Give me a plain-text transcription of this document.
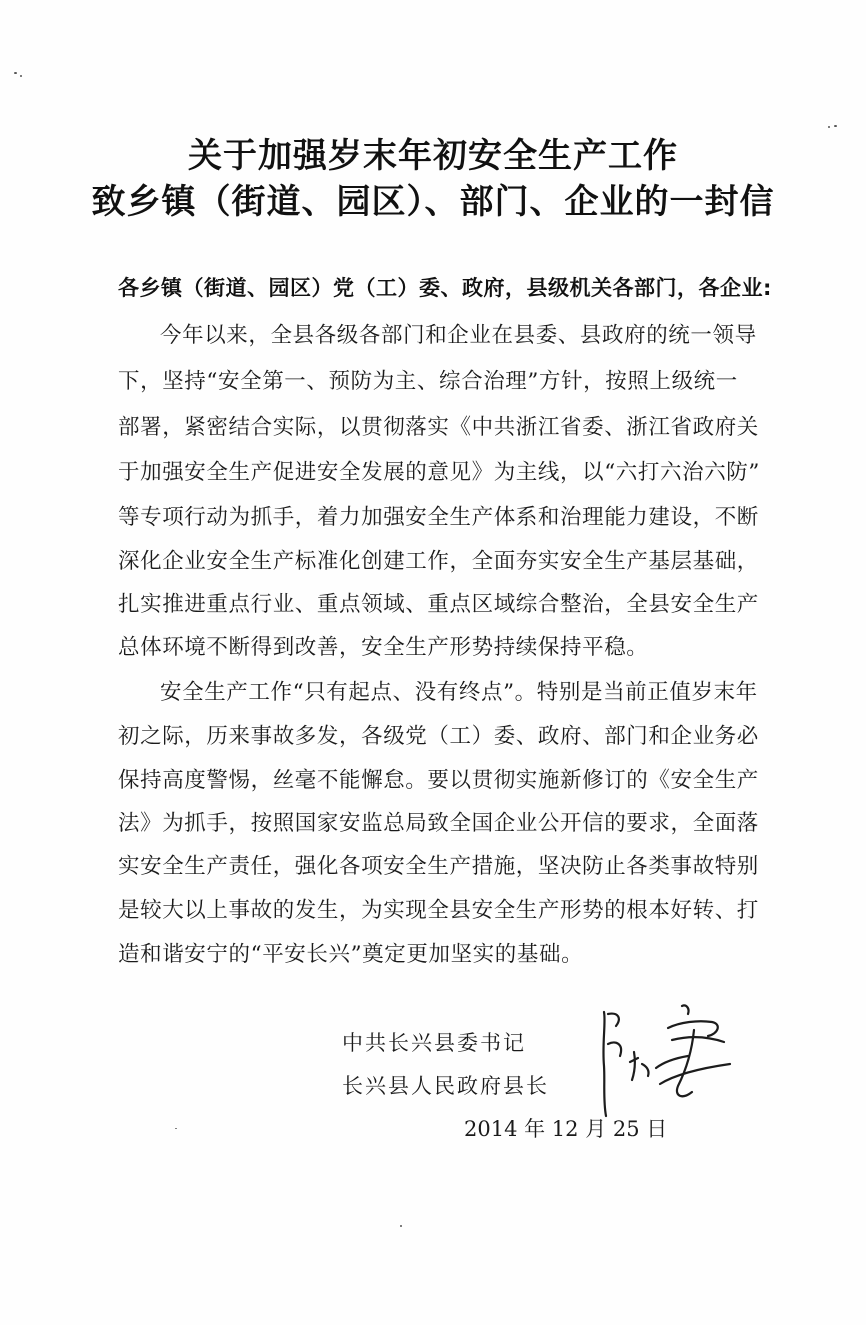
关于加强岁末年初安全生产工作
致乡镇（街道、园区）、部门、企业的一封信
各乡镇（街道、园区）党（工）委、政府，县级机关各部门，各企业:
今年以来，全县各级各部门和企业在县委、县政府的统一领导
下，坚持“安全第一、预防为主、综合治理”方针，按照上级统一
部署，紧密结合实际，以贯彻落实《中共浙江省委、浙江省政府关
于加强安全生产促进安全发展的意见》为主线，以“六打六治六防”
等专项行动为抓手，着力加强安全生产体系和治理能力建设，不断
深化企业安全生产标准化创建工作，全面夯实安全生产基层基础，
扎实推进重点行业、重点领域、重点区域综合整治，全县安全生产
总体环境不断得到改善，安全生产形势持续保持平稳。
安全生产工作“只有起点、没有终点”。特别是当前正值岁末年
初之际，历来事故多发，各级党（工）委、政府、部门和企业务必
保持高度警惕，丝毫不能懈怠。要以贯彻实施新修订的《安全生产
法》为抓手，按照国家安监总局致全国企业公开信的要求，全面落
实安全生产责任，强化各项安全生产措施，坚决防止各类事故特别
是较大以上事故的发生，为实现全县安全生产形势的根本好转、打
造和谐安宁的“平安长兴”奠定更加坚实的基础。
中共长兴县委书记
长兴县人民政府县长
2014 年 12 月 25 日
